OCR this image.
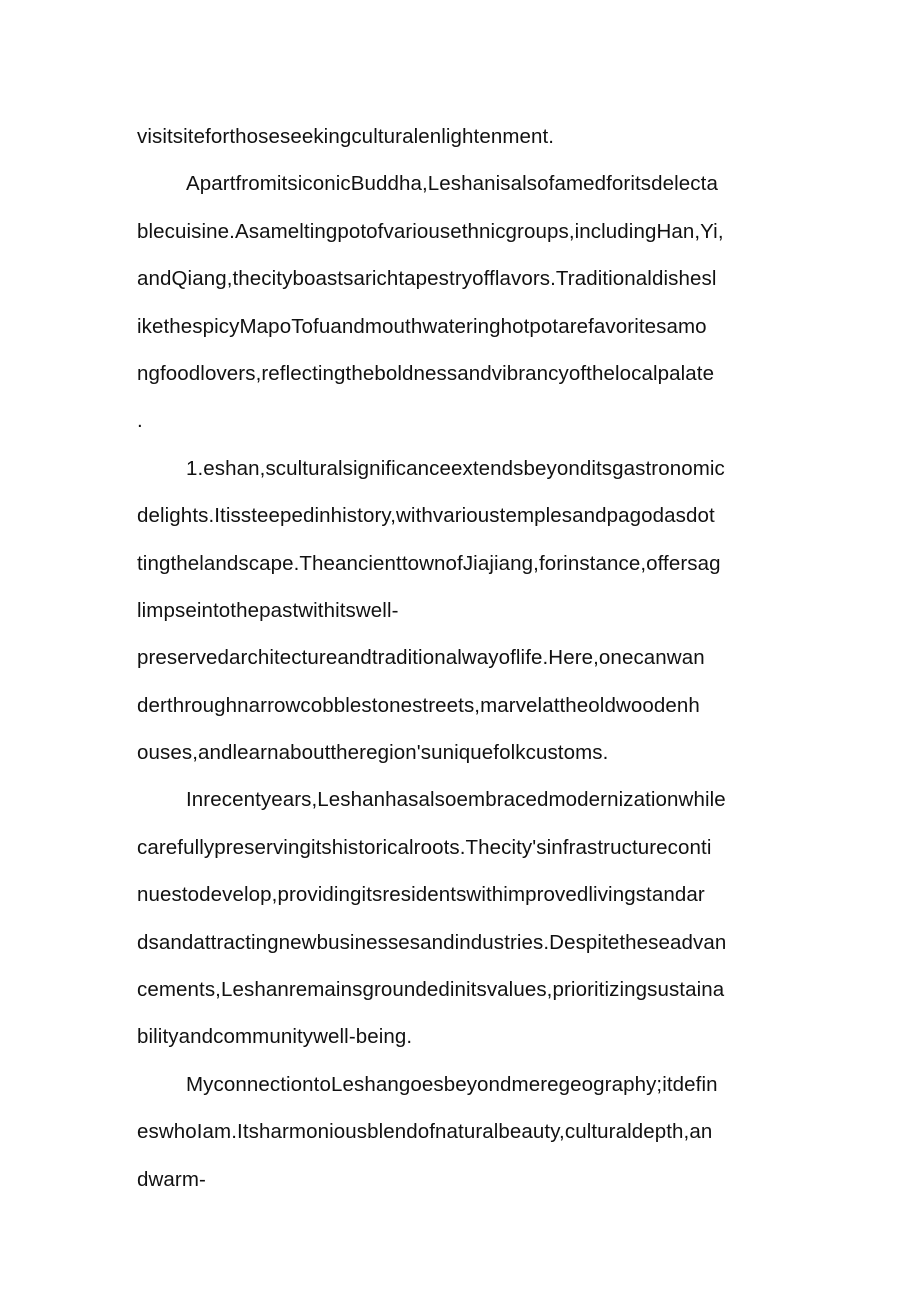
visitsiteforthoseseekingculturalenlightenment.
ApartfromitsiconicBuddha,Leshanisalsofamedforitsdelecta
blecuisine.Asameltingpotofvariousethnicgroups,includingHan,Yi,
andQiang,thecityboastsarichtapestryofflavors.Traditionaldishesl
ikethespicyMapoTofuandmouthwateringhotpotarefavoritesamo
ngfoodlovers,reflectingtheboldnessandvibrancyofthelocalpalate
.
1.eshan,sculturalsignificanceextendsbeyonditsgastronomic
delights.Itissteepedinhistory,withvarioustemplesandpagodasdot
tingthelandscape.TheancienttownofJiajiang,forinstance,offersag
limpseintothepastwithitswell-
preservedarchitectureandtraditionalwayoflife.Here,onecanwan
derthroughnarrowcobblestonestreets,marvelattheoldwoodenh
ouses,andlearnabouttheregion'suniquefolkcustoms.
Inrecentyears,Leshanhasalsoembracedmodernizationwhile
carefullypreservingitshistoricalroots.Thecity'sinfrastructureconti
nuestodevelop,providingitsresidentswithimprovedlivingstandar
dsandattractingnewbusinessesandindustries.Despitetheseadvan
cements,Leshanremainsgroundedinitsvalues,prioritizingsustaina
bilityandcommunitywell-being.
MyconnectiontoLeshangoesbeyondmeregeography;itdefin
eswhoIam.Itsharmoniousblendofnaturalbeauty,culturaldepth,an
dwarm-
